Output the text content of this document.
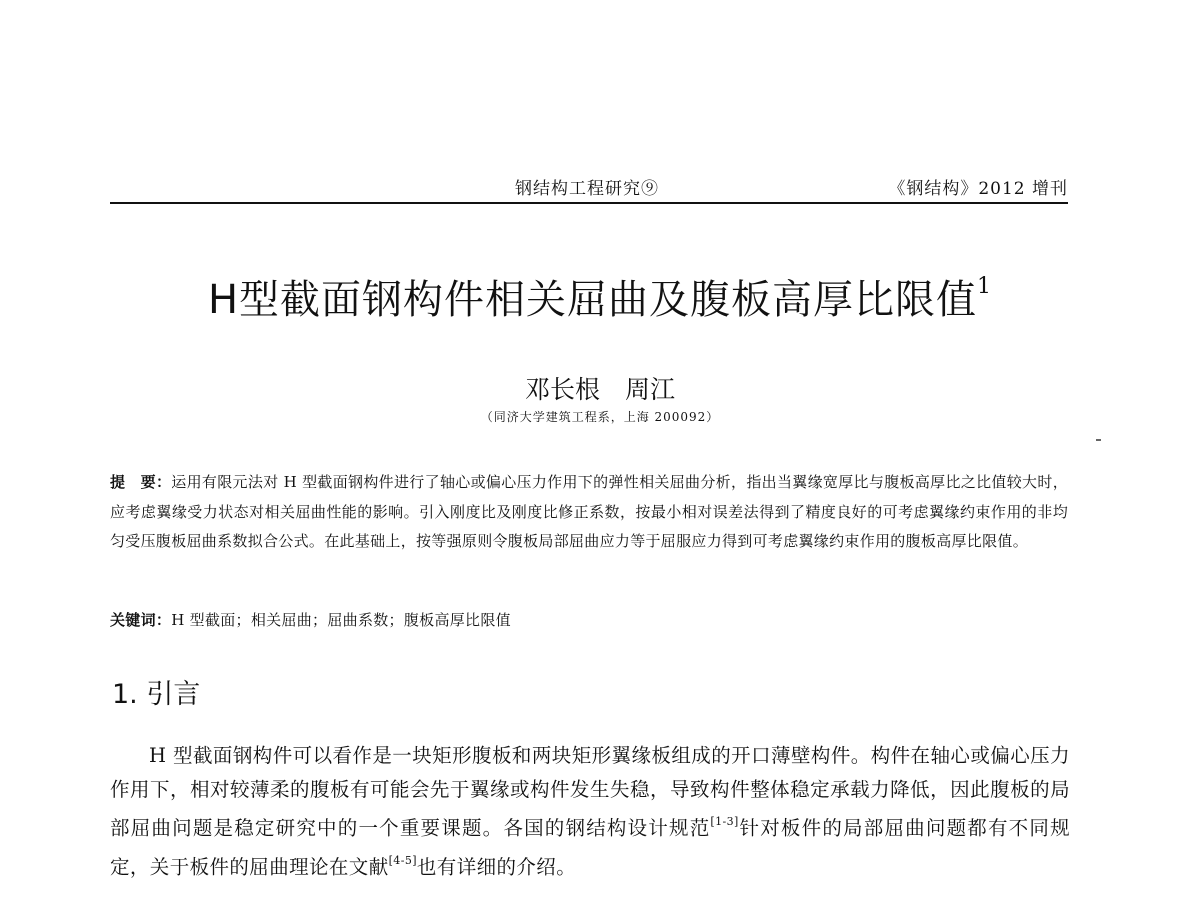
钢结构工程研究⑨	《钢结构》2012 增刊
H型截面钢构件相关屈曲及腹板高厚比限值$^1$
邓长根　周江
（同济大学建筑工程系，上海 200092）
提　要：运用有限元法对 H 型截面钢构件进行了轴心或偏心压力作用下的弹性相关屈曲分析，指出当翼缘宽厚比与腹板高厚比之比值较大时，应考虑翼缘受力状态对相关屈曲性能的影响。引入刚度比及刚度比修正系数，按最小相对误差法得到了精度良好的可考虑翼缘约束作用的非均匀受压腹板屈曲系数拟合公式。在此基础上，按等强原则令腹板局部屈曲应力等于屈服应力得到可考虑翼缘约束作用的腹板高厚比限值。
关键词：H 型截面；相关屈曲；屈曲系数；腹板高厚比限值
1. 引言
H 型截面钢构件可以看作是一块矩形腹板和两块矩形翼缘板组成的开口薄壁构件。构件在轴心或偏心压力作用下，相对较薄柔的腹板有可能会先于翼缘或构件发生失稳，导致构件整体稳定承载力降低，因此腹板的局部屈曲问题是稳定研究中的一个重要课题。各国的钢结构设计规范[1-3]针对板件的局部屈曲问题都有不同规定，关于板件的屈曲理论在文献[4-5]也有详细的介绍。
